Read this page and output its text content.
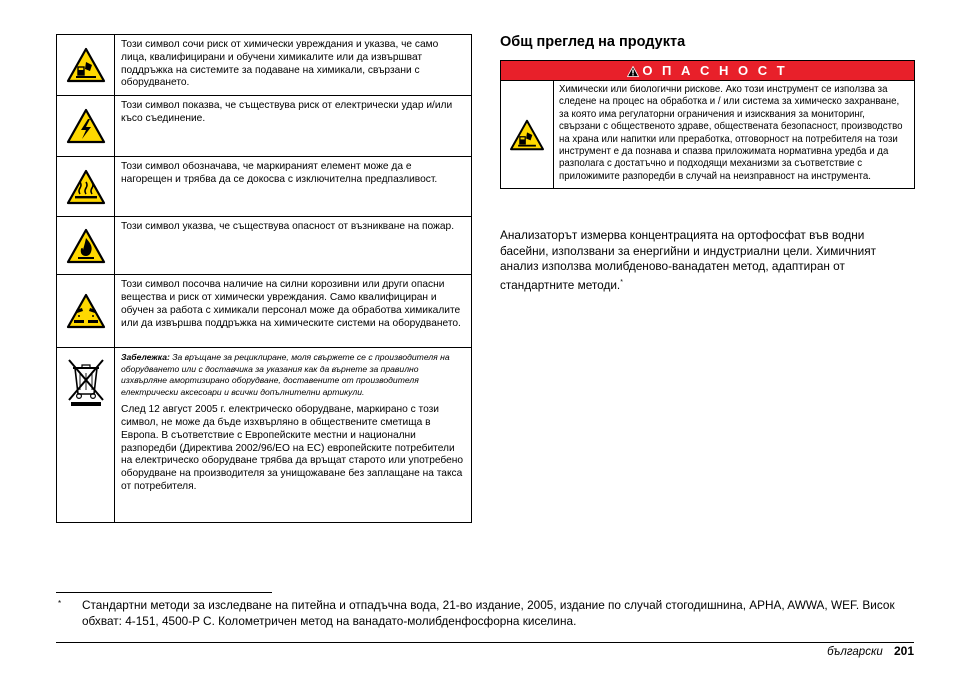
	Този символ сочи риск от химически увреждания и указва, че само лица, квалифицирани и обучени химикалите или да извършват поддръжка на системите за подаване на химикали, свързани с оборудването.

	Този символ показва, че съществува риск от електрически удар и/или късо съединение.

	Този символ обозначава, че маркираният елемент може да е нагорещен и трябва да се докосва с изключителна предпазливост.

	Този символ указва, че съществува опасност от възникване на пожар.

	Този символ посочва наличие на силни корозивни или други опасни вещества и риск от химически увреждания. Само квалифициран и обучен за работа с химикали персонал може да обработва химикалите или да извършва поддръжка на химическите системи на оборудването.

Забележка: За връщане за рециклиране, моля свържете се с производителя на оборудването или с доставчика за указания как да върнете за правилно изхвърляне амортизирано оборудване, доставените от производителя електрически аксесоари и всички допълнителни артикули.
След 12 август 2005 г. електрическо оборудване, маркирано с този символ, не може да бъде изхвърляно в обществените сметища в Европа. В съответствие с Европейските местни и национални разпоредби (Директива 2002/96/EO на ЕС) европейските потребители на електрическо оборудване трябва да връщат старото или употребено оборудване на производителя за унищожаване без заплащане на такса от потребителя.
Общ преглед на продукта
О П А С Н О С Т
Химически или биологични рискове. Ако този инструмент се използва за следене на процес на обработка и / или система за химическо захранване, за която има регулаторни ограничения и изисквания за мониторинг, свързани с общественото здраве, обществената безопасност, производство на храна или напитки или преработка, отговорност на потребителя на този инструмент е да познава и спазва приложимата нормативна уредба и да разполага с достатъчно и подходящи механизми за съответствие с приложимите разпоредби в случай на неизправност на инструмента.

Анализаторът измерва концентрацията на ортофосфат във водни басейни, използвани за енергийни и индустриални цели. Химичният анализ използва молибденово-ванадатен метод, адаптиран от стандартните методи.*

*	Стандартни методи за изследване на питейна и отпадъчна вода, 21-во издание, 2005, издание по случай стогодишнина, APHA, AWWA, WEF. Висок обхват: 4-151, 4500-P C. Колометричен метод на ванадато-молибденфосфорна киселина.
български 201
